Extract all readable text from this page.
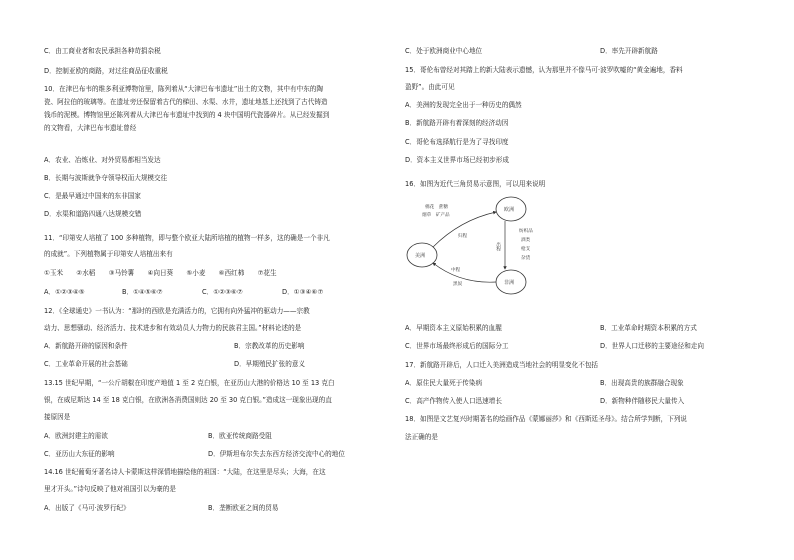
C．由工商业者和农民承担各种苛捐杂税
D．控制亚欧的商路，对过往商品征收重税
10．在津巴布韦的维多利亚博物馆里，陈列着从“大津巴布韦遗址”出土的文物，其中有中东的陶
瓷、阿拉伯的玻璃等。在遗址旁还保留着古代的梯田、水渠、水井，遗址地基上还找到了古代铸造
钱币的泥模。博物馆里还陈列着从大津巴布韦遗址中找到的 4 块中国明代瓷器碎片。从已经发掘到
的文物看，大津巴布韦遗址曾经
A．农业、冶炼业、对外贸易都相当发达
B．长期与波斯就争夺领导权而大规模交往
C．是最早通过中国来的东非国家
D．水渠和道路四通八达规模交错
11．“印第安人培植了 100 多种植物，即与整个欧亚大陆所培植的植物一样多，这的确是一个非凡
的成就”。下列植物属于印第安人培植出来有
①玉米　　②水稻　　③马铃薯　　④向日葵　　⑤小麦　　⑥西红柿　　⑦花生
A．①②③④⑤	B．①④⑤⑥⑦	C．①②③⑥⑦	D．①③④⑥⑦
12．《全球通史》一书认为：“那时的西欧是充满活力的，它拥有向外猛冲的驱动力——宗教
动力、思想骚动、经济活力、技术进步和有效动员人力物力的民族君主国。”材料论述的是
A．新航路开辟的原因和条件	B．宗教改革的历史影响
C．工业革命开展的社会基础	D．早期殖民扩张的意义
13.15 世纪早期，“一公斤胡椒在印度产地值 1 至 2 克白银，在亚历山大港的价格达 10 至 13 克白
银，在威尼斯达 14 至 18 克白银，在欧洲各消费国则达 20 至 30 克白银。”造成这一现象出现的直
接原因是
A．欧洲封建主的需欲	B．欧亚传统商路受阻
C．亚历山大东征的影响	D．伊斯坦布尔失去东西方经济交流中心的地位
14.16 世纪葡萄牙著名诗人卡蒙斯这样深情地描绘他的祖国：“大陆，在这里是尽头；大海，在这
里才开头。”诗句反映了他对祖国引以为豪的是
A．出版了《马可·波罗行纪》	B．垄断欧亚之间的贸易
C．处于欧洲商业中心地位	D．率先开辟新航路
15．哥伦布曾经对其踏上的新大陆表示遗憾，认为那里并不像马可·波罗吹嘘的“黄金遍地，香料
盈野”。由此可见
A．美洲的发现完全出于一种历史的偶然
B．新航路开辟有着深刻的经济动因
C．哥伦布选择航行是为了寻找印度
D．资本主义世界市场已经初步形成
16．如图为近代三角贸易示意图，可以用来说明
A．早期资本主义原始积累的血腥	B．工业革命时期资本积累的方式
C．世界市场最终形成后的国际分工	D．世界人口迁移的主要途径和走向
17．新航路开辟后，人口迁入美洲造成当地社会的明显变化不包括
A．原住民大量死于传染病	B．出现高贵的族群融合现象
C．高产作物传入使人口迅速增长	D．新物种伴随移民大量传入
18．如图是文艺复兴时期著名的绘画作品《蒙娜丽莎》和《西斯廷圣母》。结合所学判断，下列说
法正确的是
欧洲
美洲
非洲
棉花　蔗糖
烟草　矿产品
归程
出程
纺织品
酒类
枪支
杂货
中程
黑奴
